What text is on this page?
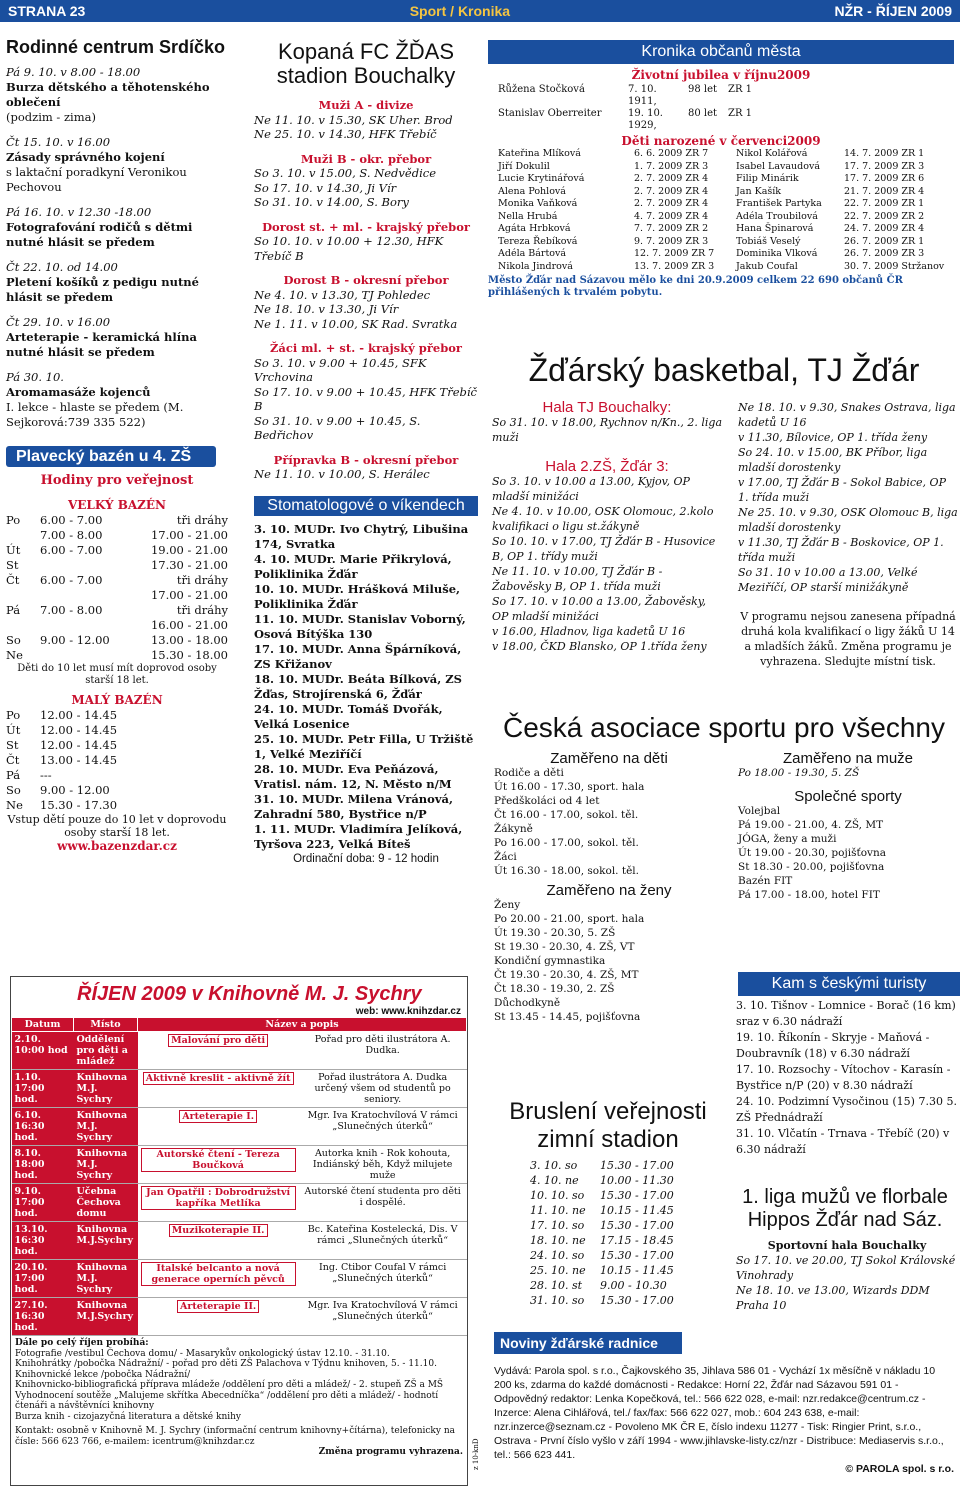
STRANA 23	Sport / Kronika	NŽR - ŘÍJEN 2009
Rodinné centrum Srdíčko
Pá 9. 10. v 8.00 - 18.00
Burza dětského a těhotenského oblečení
(podzim - zima)
Čt 15. 10. v 16.00
Zásady správného kojení
s laktační poradkyní Veronikou Pechovou
Pá 16. 10. v 12.30 -18.00
Fotografování rodičů s dětmi nutné hlásit se předem
Čt 22. 10. od 14.00
Pletení košíků z pedigu nutné hlásit se předem
Čt 29. 10. v 16.00
Arteterapie - keramická hlína nutné hlásit se předem
Pá 30. 10.
Aromamasáže kojenců
I. lekce - hlaste se předem (M. Sejkorová:739 335 522)
Plavecký bazén u 4. ZŠ
Hodiny pro veřejnost
VELKÝ BAZÉN
Po	6.00 - 7.00	tři dráhy
7.00 - 8.00	17.00 - 21.00
Út	6.00 - 7.00	19.00 - 21.00
St	17.30 - 21.00
Čt	6.00 - 7.00	tři dráhy
17.00 - 21.00
Pá	7.00 - 8.00	tři dráhy
16.00 - 21.00
So	9.00 - 12.00	13.00 - 18.00
Ne	15.30 - 18.00
Děti do 10 let musí mít doprovod osoby starší 18 let.
MALÝ BAZÉN
Po	12.00 - 14.45
Út	12.00 - 14.45
St	12.00 - 14.45
Čt	13.00 - 14.45
Pá	---
So	9.00 - 12.00
Ne	15.30 - 17.30
Vstup dětí pouze do 10 let v doprovodu osoby starší 18 let.
www.bazenzdar.cz
Kopaná FC ŽĎAS stadion Bouchalky
Muži A - divize
Ne 11. 10. v 15.30, SK Uher. Brod
Ne 25. 10. v 14.30, HFK Třebíč
Muži B - okr. přebor
So 3. 10. v 15.00, S. Nedvědice
So 17. 10. v 14.30, Ji Vír
So 31. 10. v 14.00, S. Bory
Dorost st. + ml. - krajský přebor
So 10. 10. v 10.00 + 12.30, HFK Třebíč B
Dorost B - okresní přebor
Ne 4. 10. v 13.30, TJ Pohledec
Ne 18. 10. v 13.30, Ji Vír
Ne 1. 11. v 10.00, SK Rad. Svratka
Žáci ml. + st. - krajský přebor
So 3. 10. v 9.00 + 10.45, SFK Vrchovina
So 17. 10. v 9.00 + 10.45, HFK Třebíč B
So 31. 10. v 9.00 + 10.45, S. Bedřichov
Přípravka B - okresní přebor
Ne 11. 10. v 10.00, S. Herálec
Stomatologové o víkendech
3. 10. MUDr. Ivo Chytrý, Libušina 174, Svratka
4. 10. MUDr. Marie Přikrylová, Poliklinika Žďár
10. 10. MUDr. Hrášková Miluše, Poliklinika Žďár
11. 10. MUDr. Stanislav Voborný, Osová Bítýška 130
17. 10. MUDr. Anna Špárníková, ZS Křižanov
18. 10. MUDr. Beáta Bílková, ZS Žďas, Strojírenská 6, Žďár
24. 10. MUDr. Tomáš Dvořák, Velká Losenice
25. 10. MUDr. Petr Filla, U Tržiště 1, Velké Meziříčí
28. 10. MUDr. Eva Peňázová, Vratisl. nám. 12, N. Město n/M
31. 10. MUDr. Milena Vránová, Zahradní 580, Bystřice n/P
1. 11. MUDr. Vladimíra Jelíková, Tyršova 223, Velká Bíteš
Ordinační doba: 9 - 12 hodin
Kronika občanů města
Životní jubilea v říjnu2009
Růžena Stočková	7. 10. 1911,
98 let	ZR 1
Stanislav Oberreiter	19. 10. 1929,
80 let	ZR 1
Děti narozené v červenci2009
Kateřina Mlíková	6. 6. 2009 ZR 7
Jiří Dokulil	1. 7. 2009 ZR 3
Lucie Krytinářová	2. 7. 2009 ZR 4
Alena Pohlová	2. 7. 2009 ZR 4
Monika Vaňková	2. 7. 2009 ZR 4
Nella Hrubá	4. 7. 2009 ZR 4
Agáta Hrbková	7. 7. 2009 ZR 2
Tereza Řebíková	9. 7. 2009 ZR 3
Adéla Bártová	12. 7. 2009 ZR 7
Nikola Jindrová	13. 7. 2009 ZR 3
Nikol Kolářová	14. 7. 2009 ZR 1
Isabel Lavaudová	17. 7. 2009 ZR 3
Filip Minárik	17. 7. 2009 ZR 6
Jan Kašík	21. 7. 2009 ZR 4
František Partyka	22. 7. 2009 ZR 1
Adéla Troubilová	22. 7. 2009 ZR 2
Hana Špinarová	24. 7. 2009 ZR 4
Tobiáš Veselý	26. 7. 2009 ZR 1
Dominika Vlková	26. 7. 2009 ZR 3
Jakub Coufal	30. 7. 2009 Stržanov
Město Žďár nad Sázavou mělo ke dni 20.9.2009 celkem 22 690 občanů ČR přihlášených k trvalém pobytu.
Žďárský basketbal, TJ Žďár
Hala TJ Bouchalky:
So 31. 10. v 18.00, Rychnov n/Kn., 2. liga muži
Hala 2.ZŠ, Žďár 3:
So 3. 10. v 10.00 a 13.00, Kyjov, OP mladší minižáci
Ne 4. 10. v 10.00, OSK Olomouc, 2.kolo kvalifikaci o ligu st.žákyně
So 10. 10. v 17.00, TJ Žďár B - Husovice B, OP 1. třídy muži
Ne 11. 10. v 10.00, TJ Žďár B - Žabověsky B, OP 1. třída muži
So 17. 10. v 10.00 a 13.00, Žabověsky, OP mladší minižáci
v 16.00, Hladnov, liga kadetů U 16
v 18.00, ČKD Blansko, OP 1.třída ženy
Ne 18. 10. v 9.30, Snakes Ostrava, liga kadetů U 16
v 11.30, Bílovice, OP 1. třída ženy
So 24. 10. v 15.00, BK Příbor, liga mladší dorostenky
v 17.00, TJ Žďár B - Sokol Babice, OP 1. třída muži
Ne 25. 10. v 9.30, OSK Olomouc B, liga mladší dorostenky
v 11.30, TJ Žďár B - Boskovice, OP 1. třída muži
So 31. 10 v 10.00 a 13.00, Velké Meziříčí, OP starší minižákyně
V programu nejsou zanesena případná druhá kola kvalifikací o ligy žáků U 14 a mladších žáků. Změna programu je vyhrazena. Sledujte místní tisk.
Česká asociace sportu pro všechny
Zaměřeno na děti
Rodiče a děti
Út 16.00 - 17.30, sport. hala
Předškoláci od 4 let
Čt 16.00 - 17.00, sokol. těl.
Žákyně
Po 16.00 - 17.00, sokol. těl.
Žáci
Út 16.30 - 18.00, sokol. těl.
Zaměřeno na ženy
Ženy
Po 20.00 - 21.00, sport. hala
Út 19.30 - 20.30, 5. ZŠ
St 19.30 - 20.30, 4. ZŠ, VT
Kondiční gymnastika
Čt 19.30 - 20.30, 4. ZŠ, MT
Čt 18.30 - 19.30, 2. ZŠ
Důchodkyně
St 13.45 - 14.45, pojišťovna
Zaměřeno na muže
Po 18.00 - 19.30, 5. ZŠ
Společné sporty
Volejbal
Pá 19.00 - 21.00, 4. ZŠ, MT
JÓGA, ženy a muži
Út 19.00 - 20.30, pojišťovna
St 18.30 - 20.00, pojišťovna
Bazén FIT
Pá 17.00 - 18.00, hotel FIT
Bruslení veřejnosti zimní stadion
3. 10. so	15.30 - 17.00
4. 10. ne	10.00 - 11.30
10. 10. so	15.30 - 17.00
11. 10. ne	10.15 - 11.45
17. 10. so	15.30 - 17.00
18. 10. ne	17.15 - 18.45
24. 10. so	15.30 - 17.00
25. 10. ne	10.15 - 11.45
28. 10. st	9.00 - 10.30
31. 10. so	15.30 - 17.00
Kam s českými turisty
3. 10. Tišnov - Lomnice - Borač (16 km) sraz v 6.30 nádraží
19. 10. Říkonín - Skryje - Maňová - Doubravník (18) v 6.30 nádraží
17. 10. Rozsochy - Vítochov - Karasín - Bystřice n/P (20) v 8.30 nádraží
24. 10. Podzimní Vysočinou (15) 7.30 5. ZŠ Přednádraží
31. 10. Vlčatín - Trnava - Třebíč (20) v 6.30 nádraží
1. liga mužů ve florbale Hippos Žďár nad Sáz.
Sportovní hala Bouchalky
So 17. 10. ve 20.00, TJ Sokol Královské Vinohrady
Ne 18. 10. ve 13.00, Wizards DDM Praha 10
Noviny žďárské radnice
Vydává: Parola spol. s r.o., Čajkovského 35, Jihlava 586 01 - Vychází 1x měsíčně v nákladu 10 200 ks, zdarma do každé domácnosti - Redakce: Horní 22, Žďár nad Sázavou 591 01 - Odpovědný redaktor: Lenka Kopečková, tel.: 566 622 028, e-mail: nzr.redakce@centrum.cz - Inzerce: Alena Cihlářová, tel./ fax/fax: 566 622 027, mob.: 604 243 638, e-mail: nzr.inzerce@seznam.cz - Povoleno MK ČR E, číslo indexu 11277 - Tisk: Ringier Print, s.r.o., Ostrava - První číslo vyšlo v září 1994 - www.jihlavske-listy.cz/nzr - Distribuce: Mediaservis s.r.o., tel.: 566 623 441.
© PAROLA spol. s r.o.
ŘÍJEN 2009 v Knihovně M. J. Sychry
web: www.knihzdar.cz
Datum	Místo	Název a popis	
2.10. 10:00 hod	Oddělení pro děti a mládež	Malování pro děti	Pořad pro děti ilustrátora A. Dudka.
1.10. 17:00 hod.	Knihovna M.J. Sychry	Aktivně kreslit - aktivně žít	Pořad ilustrátora A. Dudka určený všem od studentů po seniory.
6.10. 16:30 hod.	Knihovna M.J. Sychry	Arteterapie I.	Mgr. Iva Kratochvílová V rámci „Slunečných úterků“
8.10. 18:00 hod.	Knihovna M.J. Sychry	Autorské čtení - Tereza Boučková	Autorka knih - Rok kohouta, Indiánský běh, Když milujete muže
9.10. 17:00 hod.	Učebna Čechova domu	Jan Opatřil : Dobrodružství kapříka Metlíka	Autorské čtení studenta pro děti i dospělé.
13.10. 16:30 hod.	Knihovna M.J.Sychry	Muzikoterapie II.	Bc. Kateřina Kostelecká, Dis. V rámci „Slunečných úterků“
20.10. 17:00 hod.	Knihovna M.J. Sychry	Italské belcanto a nová generace operních pěvců	Ing. Ctibor Coufal V rámci „Slunečných úterků“
27.10. 16:30 hod.	Knihovna M.J.Sychry	Arteterapie II.	Mgr. Iva Kratochvílová V rámci „Slunečných úterků“
Dále po celý říjen probíhá:
Fotografie /vestibul Čechova domu/ - Masarykův onkologický ústav 12.10. - 31.10.
Knihohrátky /pobočka Nádražní/ - pořad pro děti ZŠ Palachova v Týdnu knihoven, 5. - 11.10.
Knihovnické lekce /pobočka Nádražní/
Knihovnicko-bibliografická příprava mládeže /oddělení pro děti a mládež/ - 2. stupeň ZŠ a MŠ
Vyhodnocení soutěže „Malujeme skřítka Abecedníčka“ /oddělení pro děti a mládež/ - hodnotí čtenáři a návštěvníci knihovny
Burza knih - cizojazyčná literatura a dětské knihy
Kontakt: osobně v Knihovně M. J. Sychry (informační centrum knihovny+čítárna), telefonicky na čísle: 566 623 766, e-mailem: icentrum@knihzdar.cz
Změna programu vyhrazena. z 10-knD
